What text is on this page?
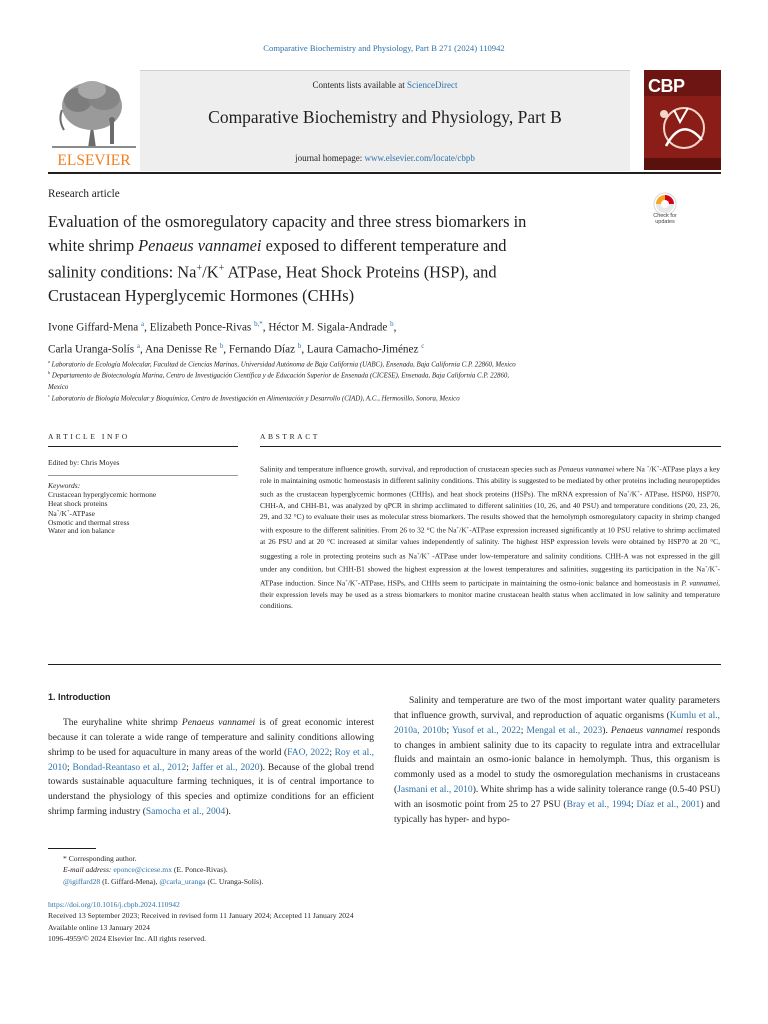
Comparative Biochemistry and Physiology, Part B 271 (2024) 110942
ELSEVIER
Contents lists available at ScienceDirect
Comparative Biochemistry and Physiology, Part B
journal homepage: www.elsevier.com/locate/cbpb
CBP
Research article
Evaluation of the osmoregulatory capacity and three stress biomarkers in
white shrimp Penaeus vannamei exposed to different temperature and
salinity conditions: Na+/K+ ATPase, Heat Shock Proteins (HSP), and
Crustacean Hyperglycemic Hormones (CHHs)
Check for updates
Ivone Giffard-Mena $^a$, Elizabeth Ponce-Rivas $^{b,*}$, Héctor M. Sigala-Andrade $^b$,
Carla Uranga-Solís $^a$, Ana Denisse Re $^b$, Fernando Díaz $^b$, Laura Camacho-Jiménez $^c$
$^a$ Laboratorio de Ecología Molecular, Facultad de Ciencias Marinas, Universidad Autónoma de Baja California (UABC), Ensenada, Baja California C.P. 22860, Mexico
$^b$ Departamento de Biotecnología Marina, Centro de Investigación Científica y de Educación Superior de Ensenada (CICESE), Ensenada, Baja California C.P. 22860,
Mexico
$^c$ Laboratorio de Biología Molecular y Bioquímica, Centro de Investigación en Alimentación y Desarrollo (CIAD), A.C., Hermosillo, Sonora, Mexico
ARTICLE INFO	ABSTRACT
Edited by: Chris Moyes
Keywords:
Crustacean hyperglycemic hormone
Heat shock proteins
Na+/K+-ATPase
Osmotic and thermal stress
Water and ion balance
Salinity and temperature influence growth, survival, and reproduction of crustacean species such as Penaeus vannamei where Na +/K+-ATPase plays a key role in maintaining osmotic homeostasis in different salinity conditions. This ability is suggested to be mediated by other proteins including neuropeptides such as the crustacean hyperglycemic hormones (CHHs), and heat shock proteins (HSPs). The mRNA expression of Na+/K+- ATPase, HSP60, HSP70, CHH-A, and CHH-B1, was analyzed by qPCR in shrimp acclimated to different salinities (10, 26, and 40 PSU) and temperature conditions (20, 23, 26, 29, and 32 °C) to evaluate their uses as molecular stress biomarkers. The results showed that the hemolymph osmoregulatory capacity in shrimp changed with exposure to the different salinities. From 26 to 32 °C the Na+/K+-ATPase expression increased significantly at 10 PSU relative to shrimp acclimated at 26 PSU and at 20 °C increased at similar values independently of salinity. The highest HSP expression levels were obtained by HSP70 at 20 °C, suggesting a role in protecting proteins such as Na+/K+ -ATPase under low-temperature and salinity conditions. CHH-A was not expressed in the gill under any condition, but CHH-B1 showed the highest expression at the lowest temperatures and salinities, suggesting its participation in the Na+/K+-ATPase induction. Since Na+/K+-ATPase, HSPs, and CHHs seem to participate in maintaining the osmo-ionic balance and homeostasis in P. vannamei, their expression levels may be used as a stress biomarkers to monitor marine crustacean health status when acclimated in low salinity and temperature conditions.
1. Introduction
The euryhaline white shrimp Penaeus vannamei is of great economic interest because it can tolerate a wide range of temperature and salinity conditions allowing shrimp to be used for aquaculture in many areas of the world (FAO, 2022; Roy et al., 2010; Bondad-Reantaso et al., 2012; Jaffer et al., 2020). Because of the global trend towards sustainable aquaculture farming techniques, it is of central importance to understand the physiology of this species and optimize conditions for an efficient shrimp farming industry (Samocha et al., 2004).
Salinity and temperature are two of the most important water quality parameters that influence growth, survival, and reproduction of aquatic organisms (Kumlu et al., 2010a, 2010b; Yusof et al., 2022; Mengal et al., 2023). Penaeus vannamei responds to changes in ambient salinity due to its capacity to regulate intra and extracellular fluids and maintain an osmo-ionic balance in hemolymph. Thus, this organism is commonly used as a model to study the osmoregulation mechanisms in crustaceans (Jasmani et al., 2010). White shrimp has a wide salinity tolerance range (0.5-40 PSU) with an isosmotic point from 25 to 27 PSU (Bray et al., 1994; Díaz et al., 2001) and typically has hyper- and hypo-
* Corresponding author.
E-mail address: eponce@cicese.mx (E. Ponce-Rivas).
@igiffard28 (I. Giffard-Mena), @carla_uranga (C. Uranga-Solís).
https://doi.org/10.1016/j.cbpb.2024.110942
Received 13 September 2023; Received in revised form 11 January 2024; Accepted 11 January 2024
Available online 13 January 2024
1096-4959/© 2024 Elsevier Inc. All rights reserved.
